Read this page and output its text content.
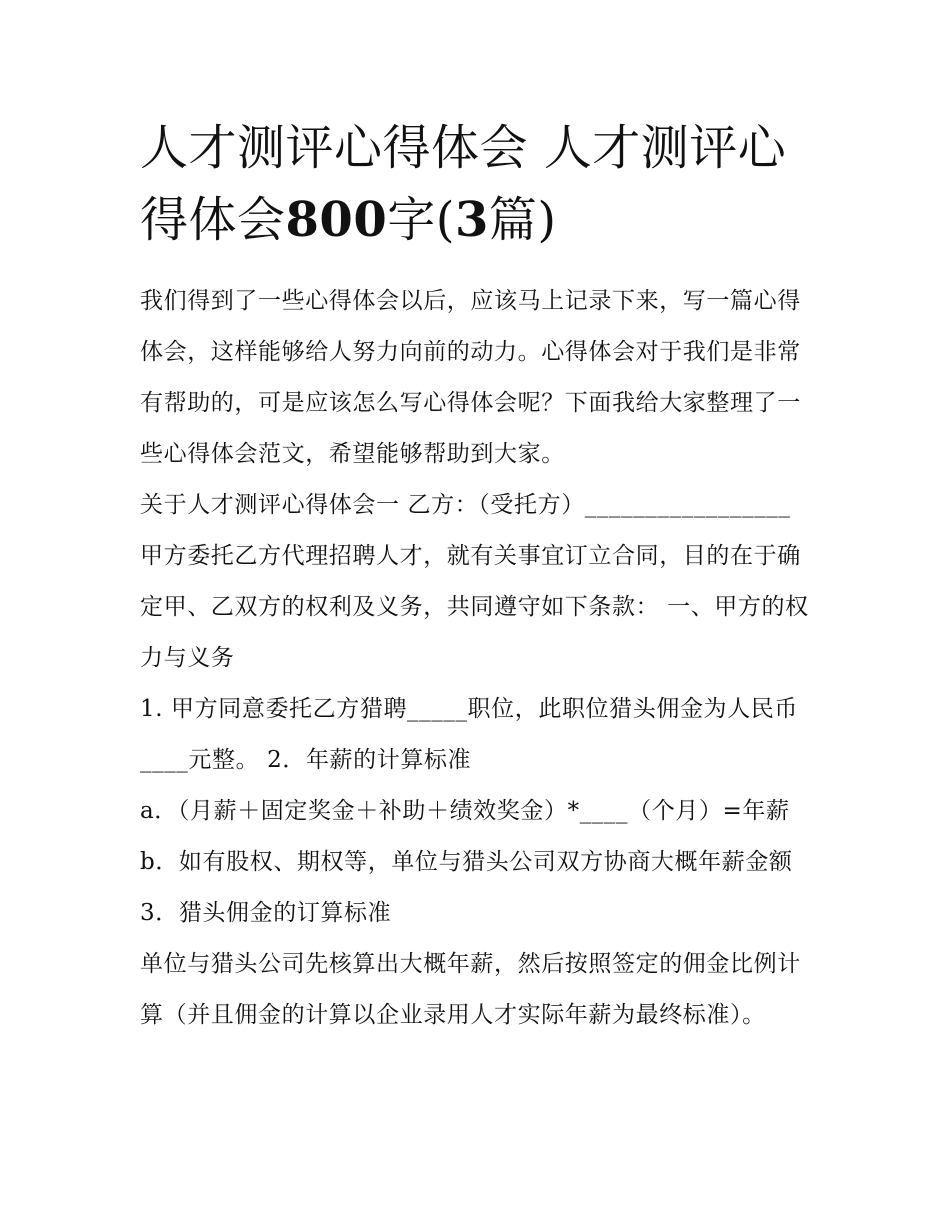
人才测评心得体会 人才测评心得体会800字(3篇)

我们得到了一些心得体会以后，应该马上记录下来，写一篇心得体会，这样能够给人努力向前的动力。心得体会对于我们是非常有帮助的，可是应该怎么写心得体会呢？下面我给大家整理了一些心得体会范文，希望能够帮助到大家。

关于人才测评心得体会一 乙方：（受托方）_________________甲方委托乙方代理招聘人才，就有关事宜订立合同，目的在于确定甲、乙双方的权利及义务，共同遵守如下条款： 一、甲方的权力与义务

1. 甲方同意委托乙方猎聘_____职位，此职位猎头佣金为人民币____元整。 2．年薪的计算标准

a．（月薪＋固定奖金＋补助＋绩效奖金）*____（个月）=年薪 b．如有股权、期权等，单位与猎头公司双方协商大概年薪金额 3．猎头佣金的订算标准

单位与猎头公司先核算出大概年薪，然后按照签定的佣金比例计算（并且佣金的计算以企业录用人才实际年薪为最终标准）。
